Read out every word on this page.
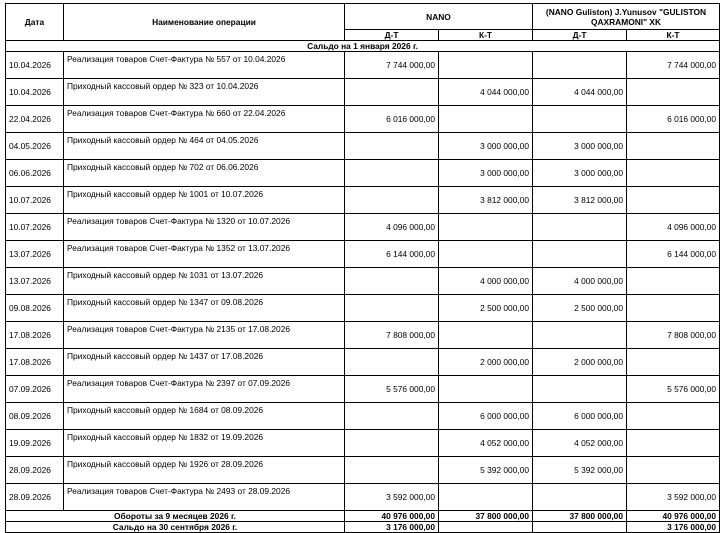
Дата	Наименование операции	NANO		(NANO Guliston) J.Yunusov "GULISTON QAXRAMONI" XK	
		Д-Т	К-Т	Д-Т	К-Т
Сальдо на 1 января 2026 г.					
10.04.2026	Реализация товаров Счет-Фактура № 557 от 10.04.2026	7 744 000,00			7 744 000,00
10.04.2026	Приходный кассовый ордер № 323 от 10.04.2026		4 044 000,00	4 044 000,00	
22.04.2026	Реализация товаров Счет-Фактура № 660 от 22.04.2026	6 016 000,00			6 016 000,00
04.05.2026	Приходный кассовый ордер № 464 от 04.05.2026		3 000 000,00	3 000 000,00	
06.06.2026	Приходный кассовый ордер № 702 от 06.06.2026		3 000 000,00	3 000 000,00	
10.07.2026	Приходный кассовый ордер № 1001 от 10.07.2026		3 812 000,00	3 812 000,00	
10.07.2026	Реализация товаров Счет-Фактура № 1320 от 10.07.2026	4 096 000,00			4 096 000,00
13.07.2026	Реализация товаров Счет-Фактура № 1352 от 13.07.2026	6 144 000,00			6 144 000,00
13.07.2026	Приходный кассовый ордер № 1031 от 13.07.2026		4 000 000,00	4 000 000,00	
09.08.2026	Приходный кассовый ордер № 1347 от 09.08.2026		2 500 000,00	2 500 000,00	
17.08.2026	Реализация товаров Счет-Фактура № 2135 от 17.08.2026	7 808 000,00			7 808 000,00
17.08.2026	Приходный кассовый ордер № 1437 от 17.08.2026		2 000 000,00	2 000 000,00	
07.09.2026	Реализация товаров Счет-Фактура № 2397 от 07.09.2026	5 576 000,00			5 576 000,00
08.09.2026	Приходный кассовый ордер № 1684 от 08.09.2026		6 000 000,00	6 000 000,00	
19.09.2026	Приходный кассовый ордер № 1832 от 19.09.2026		4 052 000,00	4 052 000,00	
28.09.2026	Приходный кассовый ордер № 1926 от 28.09.2026		5 392 000,00	5 392 000,00	
28.09.2026	Реализация товаров Счет-Фактура № 2493 от 28.09.2026	3 592 000,00			3 592 000,00
Обороты за 9 месяцев 2026 г.		40 976 000,00	37 800 000,00	37 800 000,00	40 976 000,00
Сальдо на 30 сентября 2026 г.		3 176 000,00			3 176 000,00
